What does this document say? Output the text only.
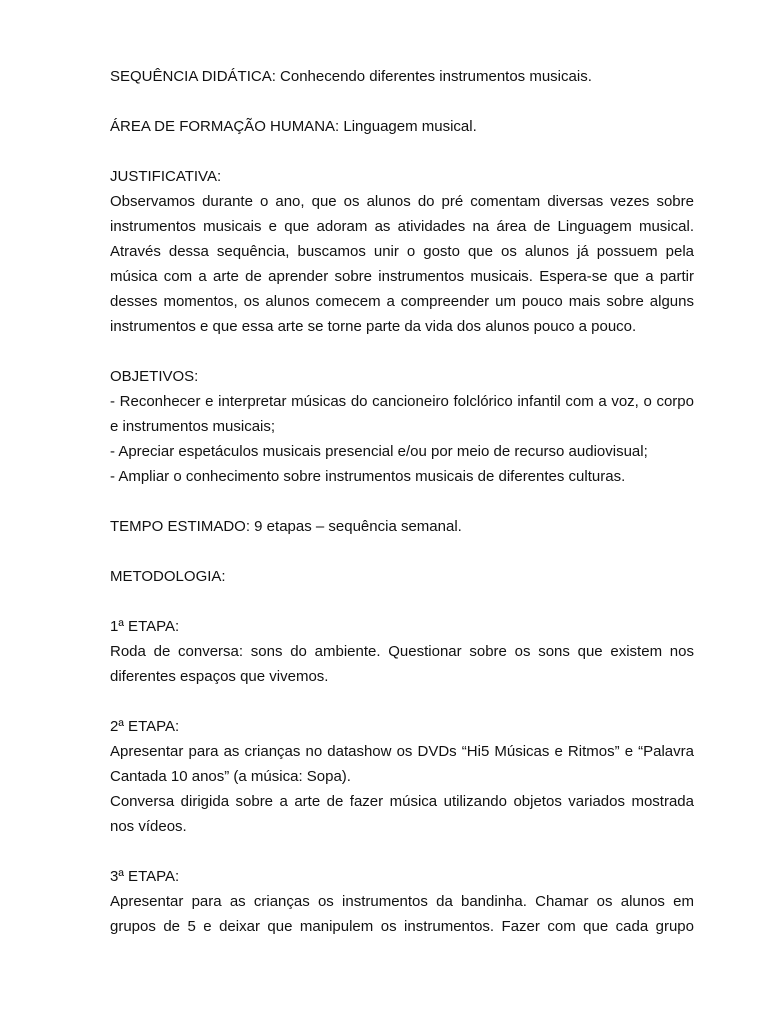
SEQUÊNCIA DIDÁTICA: Conhecendo diferentes instrumentos musicais.

ÁREA DE FORMAÇÃO HUMANA: Linguagem musical.

JUSTIFICATIVA:

Observamos durante o ano, que os alunos do pré comentam diversas vezes sobre instrumentos musicais e que adoram as atividades na área de Linguagem musical. Através dessa sequência, buscamos unir o gosto que os alunos já possuem pela música com a arte de aprender sobre instrumentos musicais. Espera-se que a partir desses momentos, os alunos comecem a compreender um pouco mais sobre alguns instrumentos e que essa arte se torne parte da vida dos alunos pouco a pouco.

OBJETIVOS:

- Reconhecer e interpretar músicas do cancioneiro folclórico infantil com a voz, o corpo e instrumentos musicais;

- Apreciar espetáculos musicais presencial e/ou por meio de recurso audiovisual;

- Ampliar o conhecimento sobre instrumentos musicais de diferentes culturas.

TEMPO ESTIMADO: 9 etapas – sequência semanal.

METODOLOGIA:

1ª ETAPA:

Roda de conversa: sons do ambiente. Questionar sobre os sons que existem nos diferentes espaços que vivemos.

2ª ETAPA:

Apresentar para as crianças no datashow os DVDs “Hi5 Músicas e Ritmos” e “Palavra Cantada 10 anos” (a música: Sopa).

Conversa dirigida sobre a arte de fazer música utilizando objetos variados mostrada nos vídeos.

3ª ETAPA:

Apresentar para as crianças os instrumentos da bandinha. Chamar os alunos em grupos de 5 e deixar que manipulem os instrumentos. Fazer com que cada grupo
